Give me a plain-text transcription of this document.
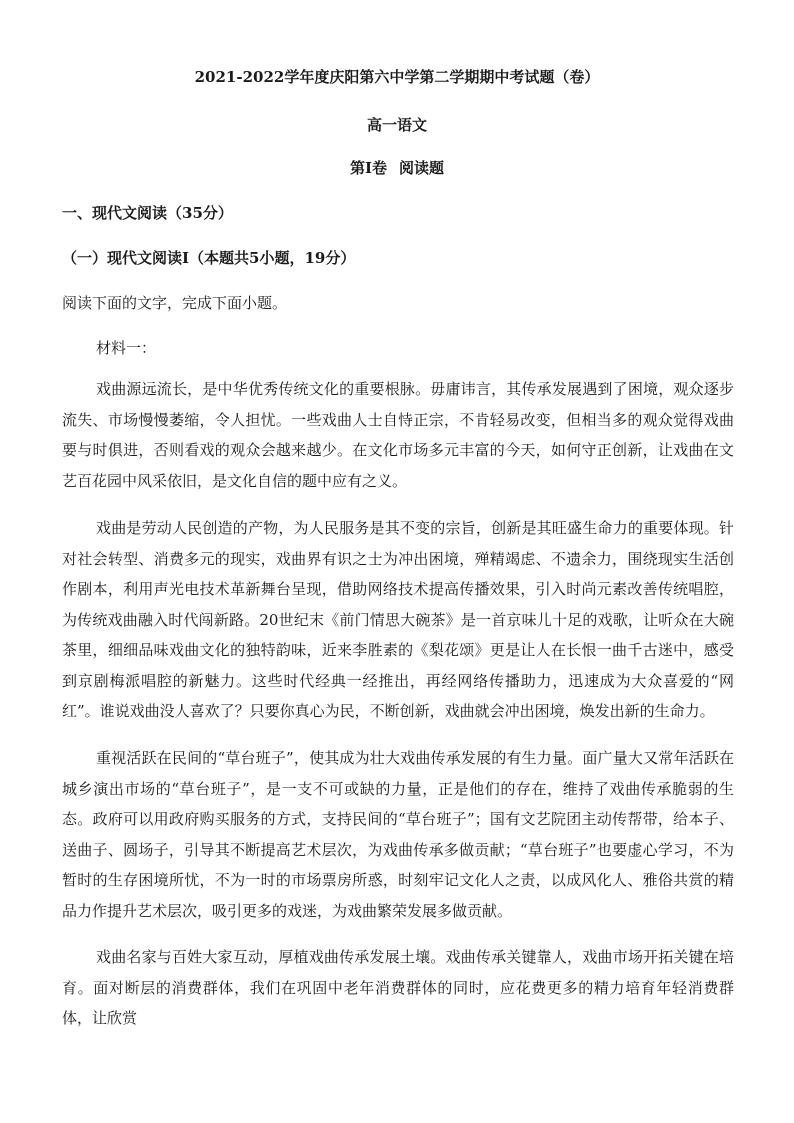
2021-2022学年度庆阳第六中学第二学期期中考试题（卷）
高一语文
第Ⅰ卷 阅读题
一、现代文阅读（35分）
（一）现代文阅读Ⅰ（本题共5小题，19分）
阅读下面的文字，完成下面小题。
材料一：

戏曲源远流长，是中华优秀传统文化的重要根脉。毋庸讳言，其传承发展遇到了困境，观众逐步流失、市场慢慢萎缩，令人担忧。一些戏曲人士自恃正宗，不肯轻易改变，但相当多的观众觉得戏曲要与时俱进，否则看戏的观众会越来越少。在文化市场多元丰富的今天，如何守正创新，让戏曲在文艺百花园中风采依旧，是文化自信的题中应有之义。

戏曲是劳动人民创造的产物，为人民服务是其不变的宗旨，创新是其旺盛生命力的重要体现。针对社会转型、消费多元的现实，戏曲界有识之士为冲出困境，殚精竭虑、不遗余力，围绕现实生活创作剧本，利用声光电技术革新舞台呈现，借助网络技术提高传播效果，引入时尚元素改善传统唱腔，为传统戏曲融入时代闯新路。20世纪末《前门情思大碗茶》是一首京味儿十足的戏歌，让听众在大碗茶里，细细品味戏曲文化的独特韵味，近来李胜素的《梨花颂》更是让人在长恨一曲千古迷中，感受到京剧梅派唱腔的新魅力。这些时代经典一经推出，再经网络传播助力，迅速成为大众喜爱的“网红”。谁说戏曲没人喜欢了？只要你真心为民，不断创新，戏曲就会冲出困境，焕发出新的生命力。

重视活跃在民间的“草台班子”，使其成为壮大戏曲传承发展的有生力量。面广量大又常年活跃在城乡演出市场的“草台班子”，是一支不可或缺的力量，正是他们的存在，维持了戏曲传承脆弱的生态。政府可以用政府购买服务的方式，支持民间的“草台班子”；国有文艺院团主动传帮带，给本子、送曲子、圆场子，引导其不断提高艺术层次，为戏曲传承多做贡献；“草台班子”也要虚心学习，不为暂时的生存困境所忧，不为一时的市场票房所惑，时刻牢记文化人之责，以成风化人、雅俗共赏的精品力作提升艺术层次，吸引更多的戏迷，为戏曲繁荣发展多做贡献。

戏曲名家与百姓大家互动，厚植戏曲传承发展土壤。戏曲传承关键靠人，戏曲市场开拓关键在培育。面对断层的消费群体，我们在巩固中老年消费群体的同时，应花费更多的精力培育年轻消费群体，让欣赏
